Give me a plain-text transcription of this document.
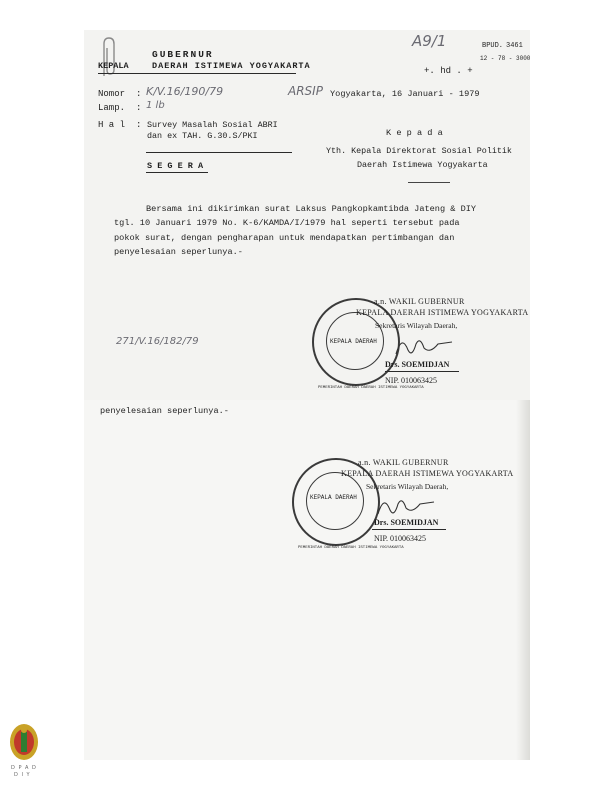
GUBERNUR
KEPALA	DAERAH ISTIMEWA YOGYAKARTA
A9/1	BPUD. 3461
12 - 78 - 3000
+. hd . +
Nomor : K/V.16/190/79
Lamp. : 1 lb
H a l : Survey Masalah Sosial ABRI
dan ex TAH. G.30.S/PKI
S E G E R A
ARSIP Yogyakarta, 16 Januari - 1979
K e p a d a
Yth. Kepala Direktorat Sosial Politik
Daerah Istimewa Yogyakarta
Bersama ini dikirimkan surat Laksus Pangkopkamtibda Jateng & DIY
tgl. 10 Januari 1979 No. K-6/KAMDA/I/1979 hal seperti tersebut pada
pokok surat, dengan pengharapan untuk mendapatkan pertimbangan dan
penyelesaian seperlunya.-
KEPALA DAERAH
PEMERINTAH DAERAH DAERAH ISTIMEWA YOGYAKARTA
a.n. WAKIL GUBERNUR
KEPALA DAERAH ISTIMEWA YOGYAKARTA
Sekretaris Wilayah Daerah,
Drs. SOEMIDJAN
NIP. 010063425
271/V.16/182/79
penyelesaian seperlunya.-
KEPALA DAERAH
PEMERINTAH DAERAH DAERAH ISTIMEWA YOGYAKARTA
a.n. WAKIL GUBERNUR
KEPALA DAERAH ISTIMEWA YOGYAKARTA
Sekretaris Wilayah Daerah,
Drs. SOEMIDJAN
NIP. 010063425
D P A D
D I Y
